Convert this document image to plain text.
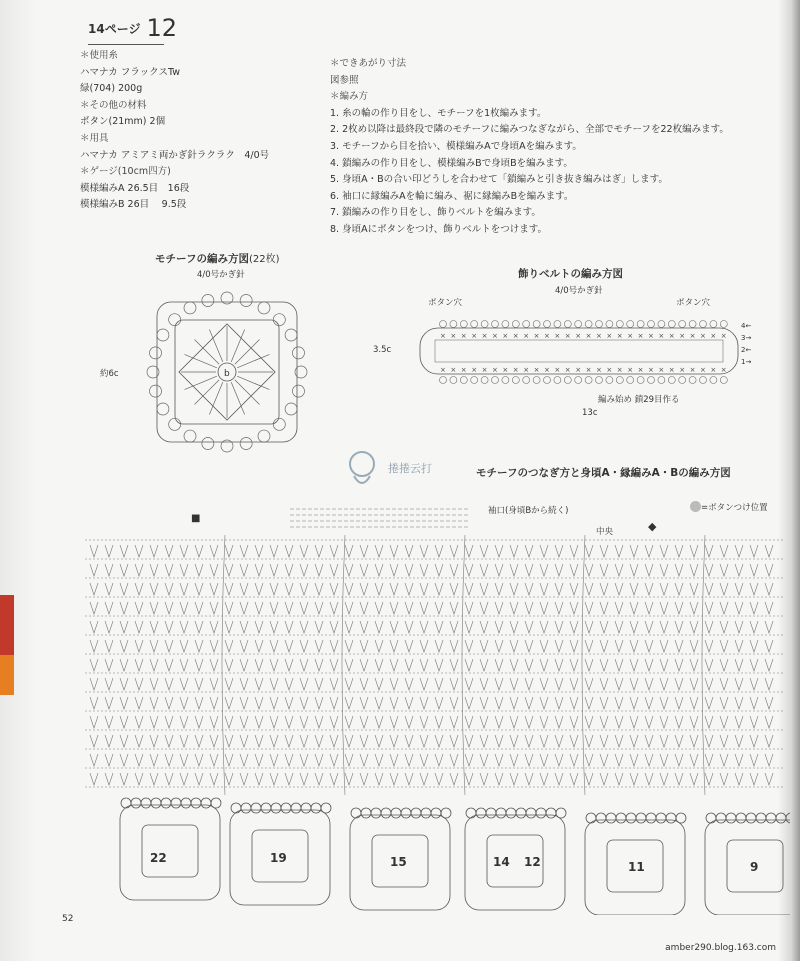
14ページ 12
＊使用糸
ハマナカ フラックスTw
緑(704) 200g
＊その他の材料
ボタン(21mm) 2個
＊用具
ハマナカ アミアミ両かぎ針ラクラク　4/0号
＊ゲージ(10cm四方)
模様編みA 26.5目　16段
模様編みB 26目　 9.5段
＊できあがり寸法
図参照
＊編み方
1. 糸の輪の作り目をし、モチーフを1枚編みます。
2. 2枚め以降は最終段で隣のモチーフに編みつなぎながら、全部でモチーフを22枚編みます。
3. モチーフから目を拾い、模様編みAで身頃Aを編みます。
4. 鎖編みの作り目をし、模様編みBで身頃Bを編みます。
5. 身頃A・Bの合い印どうしを合わせて「鎖編みと引き抜き編みはぎ」します。
6. 袖口に縁編みAを輪に編み、裾に縁編みBを編みます。
7. 鎖編みの作り目をし、飾りベルトを編みます。
8. 身頃Aにボタンをつけ、飾りベルトをつけます。
モチーフの編み方図(22枚)
4/0号かぎ針
約6c	b
飾りベルトの編み方図
4/0号かぎ針
ボタン穴	ボタン穴
3.5c
13c
編み始め 鎖29目作る
4←
3→
2←
1→
×
×
×
×
×
×
×
×
×
×
×
×
×
×
×
×
×
×
×
×
×
×
×
×
×
×
×
×
×
×
×
×
×
×
×
×
×
×
×
×
×
×
×
×
×
×
×
×
×
×
×
×
×
×
×
×
モチーフのつなぎ方と身頃A・縁編みA・Bの編み方図
=ボタンつけ位置
袖口(身頃Bから続く)
中央	◆
■
22	19	15	14 12	11	9
捲捲云打
52
amber290.blog.163.com
